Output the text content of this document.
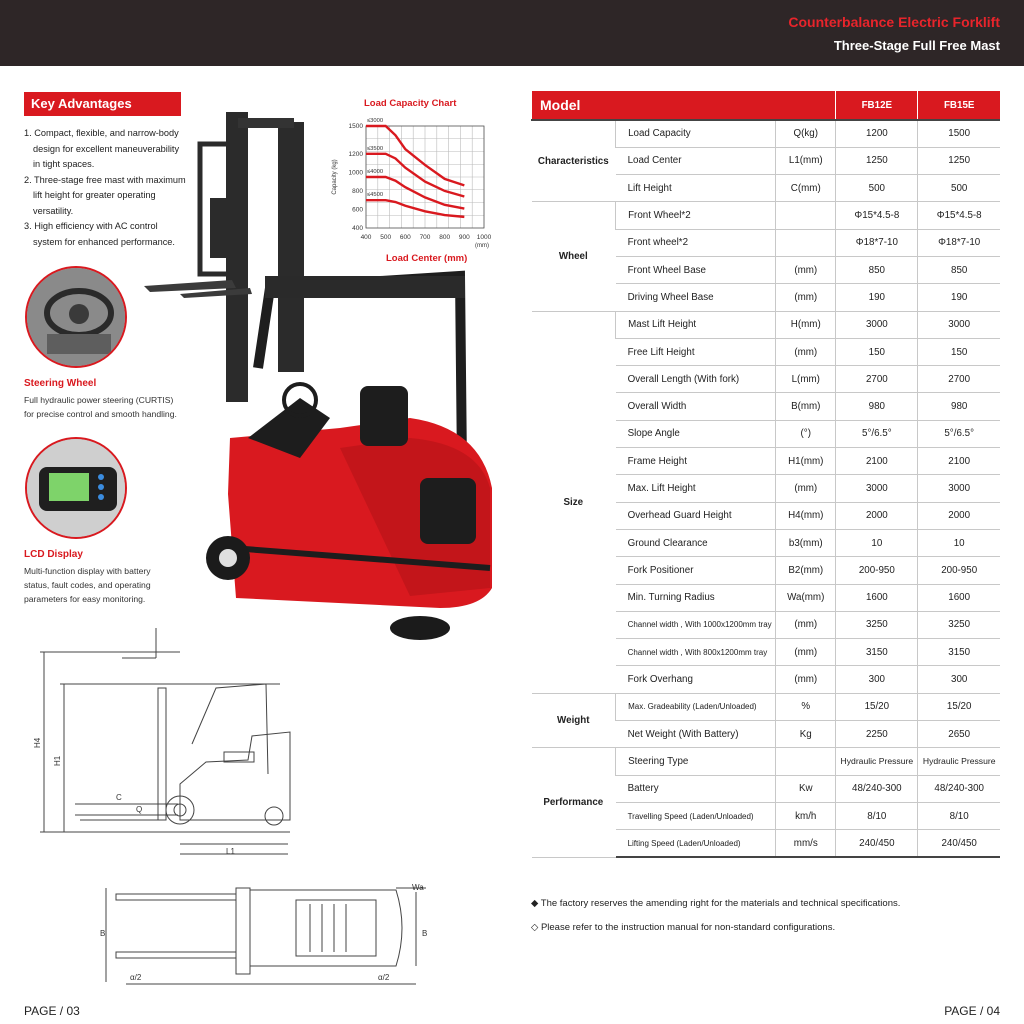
Counterbalance Electric Forklift
Three-Stage Full Free Mast
Key Advantages
1. Compact, flexible, and narrow-body
design for excellent maneuverability
in tight spaces.
2. Three-stage free mast with maximum
lift height for greater operating
versatility.
3. High efficiency with AC control
system for enhanced performance.
Steering Wheel
Full hydraulic power steering (CURTIS)
for precise control and smooth handling.
LCD Display
Multi-function display with battery
status, fault codes, and operating
parameters for easy monitoring.
Load Capacity Chart
400 500 600 700 800 900 1000
(mm)
400
600
800
1000
1200
1500
Capacity (kg)
≤3000
≤3500
≤4000
≤4500
Load Center (mm)
H4
H1
C
Q
L1
Wa
B	B
α/2	α/2
Model			FB12E	FB15E
Characteristics	Load Capacity	Q(kg)	1200	1500
	Load Center	L1(mm)	1250	1250
	Lift Height	C(mm)	500	500
Wheel	Front Wheel*2		Φ15*4.5-8	Φ15*4.5-8
	Front wheel*2		Φ18*7-10	Φ18*7-10
	Front Wheel Base	(mm)	850	850
	Driving Wheel Base	(mm)	190	190
Size	Mast Lift Height	H(mm)	3000	3000
	Free Lift Height	(mm)	150	150
	Overall Length (With fork)	L(mm)	2700	2700
	Overall Width	B(mm)	980	980
	Slope Angle	(°)	5°/6.5°	5°/6.5°
	Frame Height	H1(mm)	2100	2100
	Max. Lift Height	(mm)	3000	3000
	Overhead Guard Height	H4(mm)	2000	2000
	Ground Clearance	b3(mm)	10	10
	Fork Positioner	B2(mm)	200-950	200-950
	Min. Turning Radius	Wa(mm)	1600	1600
	Channel width , With 1000x1200mm tray	(mm)	3250	3250
	Channel width , With 800x1200mm tray	(mm)	3150	3150
	Fork Overhang	(mm)	300	300
Weight	Max. Gradeability (Laden/Unloaded)	%	15/20	15/20
	Net Weight (With Battery)	Kg	2250	2650
Performance	Steering Type		Hydraulic Pressure	Hydraulic Pressure
	Battery	Kw	48/240-300	48/240-300
	Travelling Speed (Laden/Unloaded)	km/h	8/10	8/10
	Lifting Speed (Laden/Unloaded)	mm/s	240/450	240/450
◆ The factory reserves the amending right for the materials and technical specifications.
◇ Please refer to the instruction manual for non-standard configurations.
PAGE / 03	PAGE / 04
